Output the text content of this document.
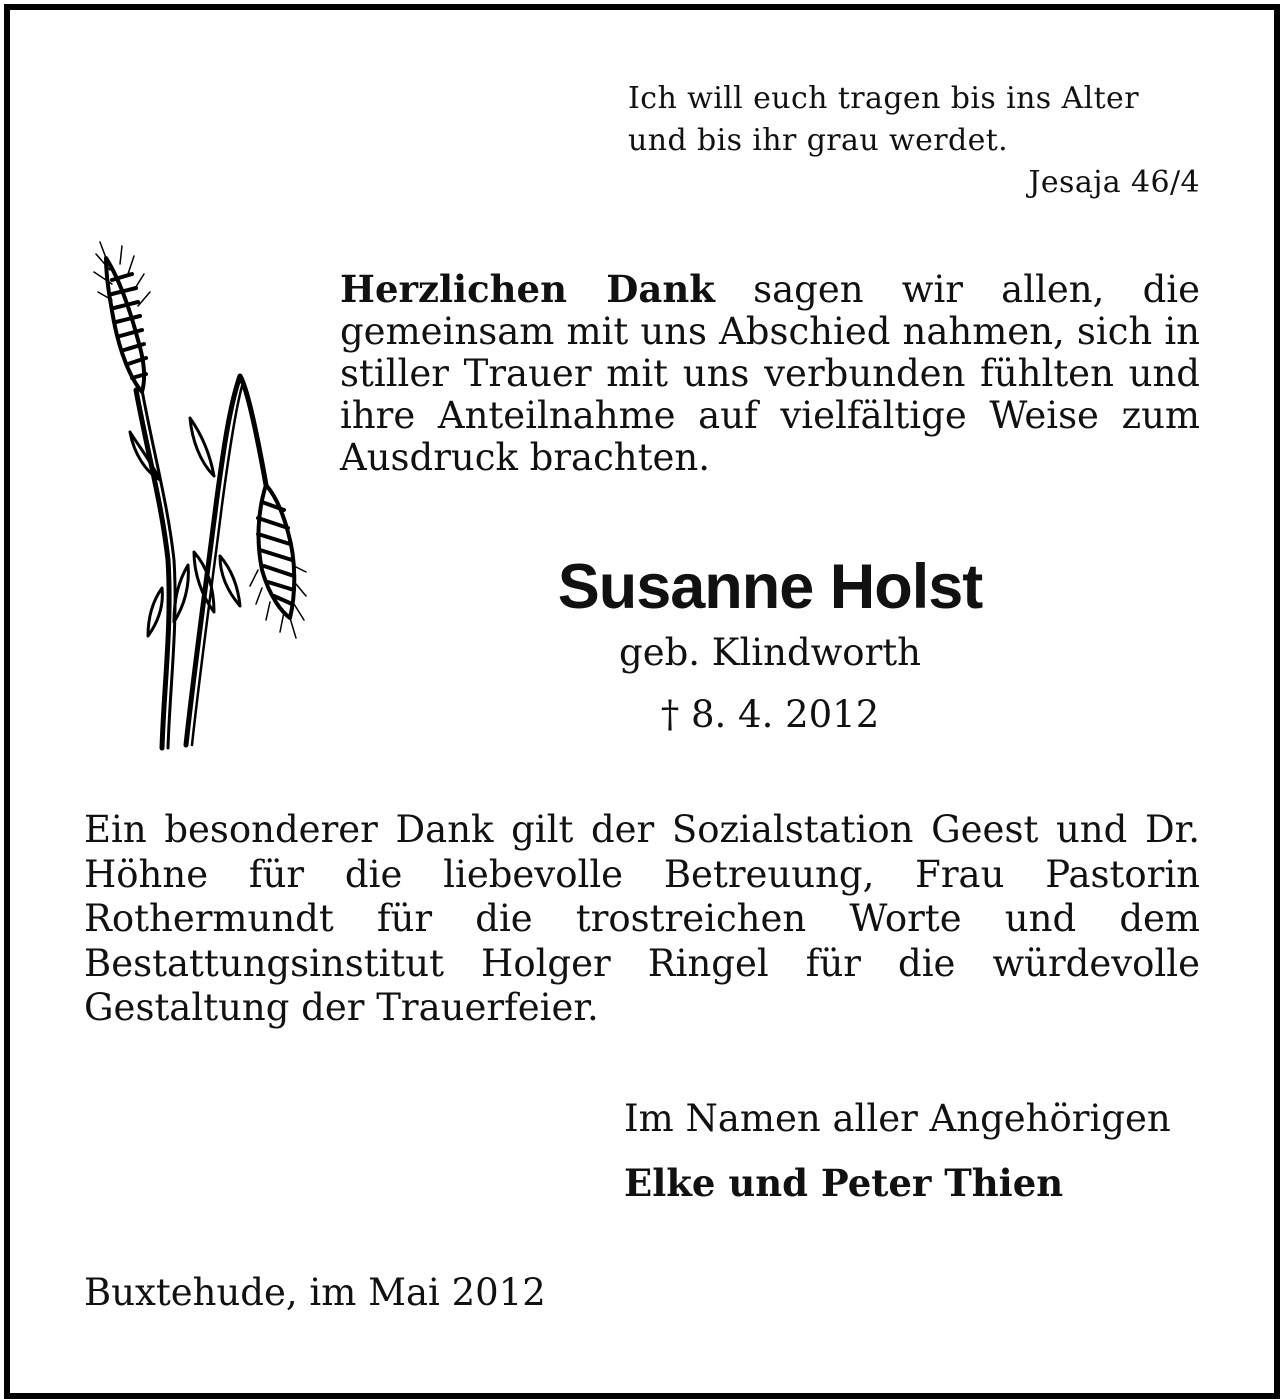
Ich will euch tragen bis ins Alter
und bis ihr grau werdet.
Jesaja 46/4
Herzlichen Dank sagen wir allen, die gemeinsam mit uns Abschied nahmen, sich in stiller Trauer mit uns verbunden fühlten und ihre Anteilnahme auf vielfältige Weise zum Ausdruck brachten.
Susanne Holst
geb. Klindworth
† 8. 4. 2012
Ein besonderer Dank gilt der Sozialstation Geest und Dr. Höhne für die liebevolle Betreuung, Frau Pastorin Rothermundt für die trostreichen Worte und dem Bestattungsinstitut Holger Ringel für die würdevolle Gestaltung der Trauerfeier.
Im Namen aller Angehörigen
Elke und Peter Thien
Buxtehude, im Mai 2012
